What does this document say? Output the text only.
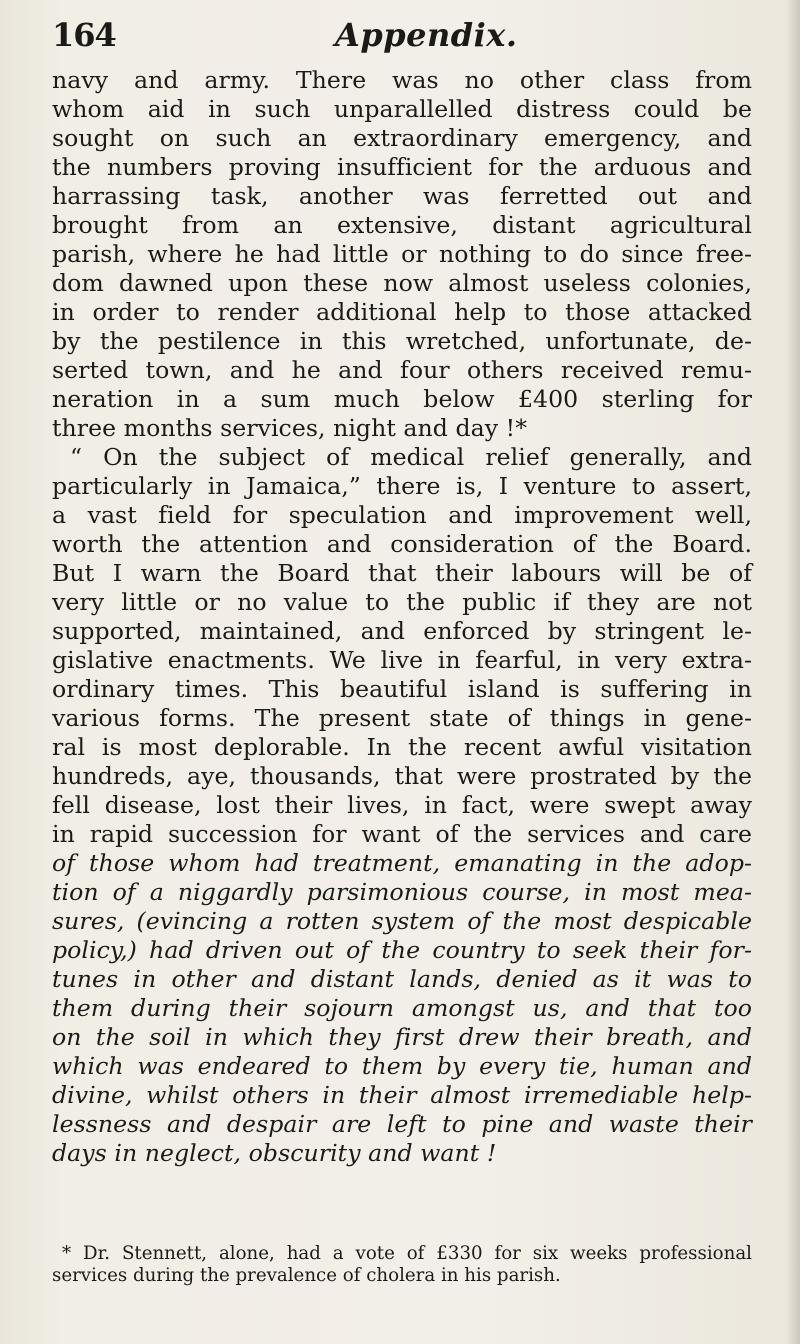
164	Appendix.
navy and army. There was no other class from
whom aid in such unparallelled distress could be
sought on such an extraordinary emergency, and
the numbers proving insufficient for the arduous and
harrassing task, another was ferretted out and
brought from an extensive, distant agricultural
parish, where he had little or nothing to do since free-
dom dawned upon these now almost useless colonies,
in order to render additional help to those attacked
by the pestilence in this wretched, unfortunate, de-
serted town, and he and four others received remu-
neration in a sum much below £400 sterling for
three months services, night and day !*
“ On the subject of medical relief generally, and
particularly in Jamaica,” there is, I venture to assert,
a vast field for speculation and improvement well,
worth the attention and consideration of the Board.
But I warn the Board that their labours will be of
very little or no value to the public if they are not
supported, maintained, and enforced by stringent le-
gislative enactments. We live in fearful, in very extra-
ordinary times. This beautiful island is suffering in
various forms. The present state of things in gene-
ral is most deplorable. In the recent awful visitation
hundreds, aye, thousands, that were prostrated by the
fell disease, lost their lives, in fact, were swept away
in rapid succession for want of the services and care
of those whom had treatment, emanating in the adop-
tion of a niggardly parsimonious course, in most mea-
sures, (evincing a rotten system of the most despicable
policy,) had driven out of the country to seek their for-
tunes in other and distant lands, denied as it was to
them during their sojourn amongst us, and that too
on the soil in which they first drew their breath, and
which was endeared to them by every tie, human and
divine, whilst others in their almost irremediable help-
lessness and despair are left to pine and waste their
days in neglect, obscurity and want !
* Dr. Stennett, alone, had a vote of £330 for six weeks professional
services during the prevalence of cholera in his parish.
